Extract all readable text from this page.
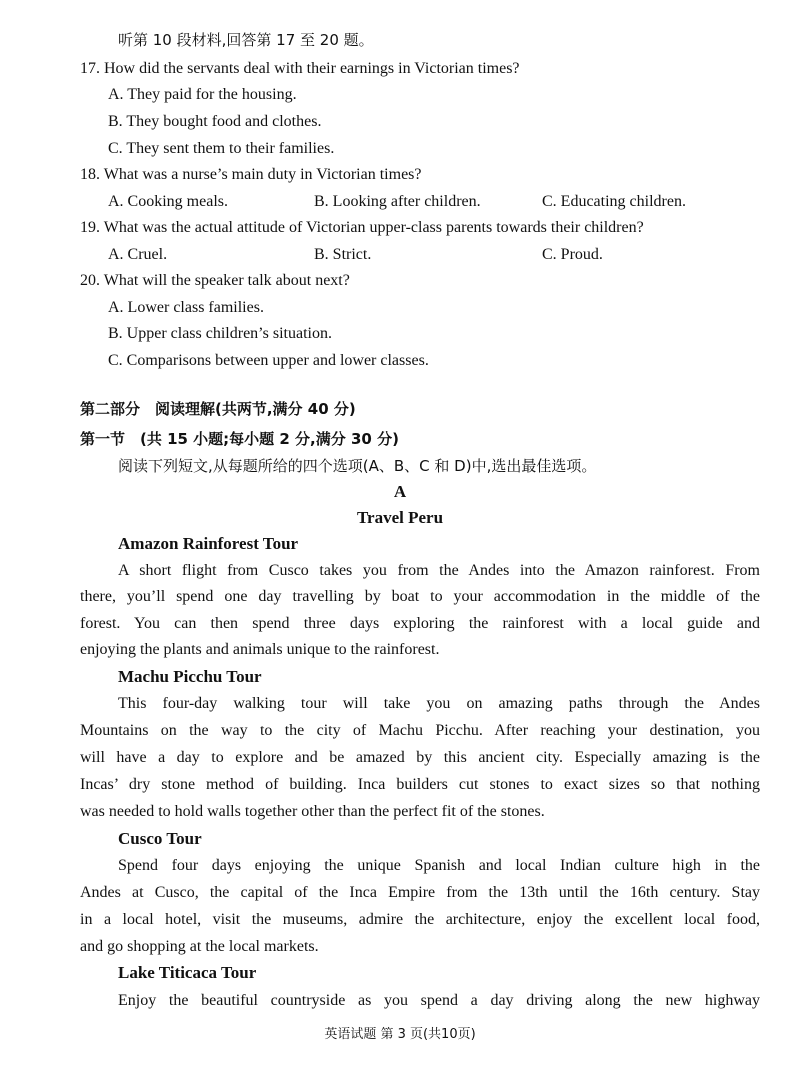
听第 10 段材料,回答第 17 至 20 题。
17. How did the servants deal with their earnings in Victorian times?
A. They paid for the housing.
B. They bought food and clothes.
C. They sent them to their families.
18. What was a nurse’s main duty in Victorian times?
A. Cooking meals.	B. Looking after children.	C. Educating children.
19. What was the actual attitude of Victorian upper-class parents towards their children?
A. Cruel.	B. Strict.	C. Proud.
20. What will the speaker talk about next?
A. Lower class families.
B. Upper class children’s situation.
C. Comparisons between upper and lower classes.
第二部分　阅读理解(共两节,满分 40 分)
第一节　(共 15 小题;每小题 2 分,满分 30 分)
阅读下列短文,从每题所给的四个选项(A、B、C 和 D)中,选出最佳选项。
A
Travel Peru
Amazon Rainforest Tour
A short flight from Cusco takes you from the Andes into the Amazon rainforest. From
there, you’ll spend one day travelling by boat to your accommodation in the middle of the
forest. You can then spend three days exploring the rainforest with a local guide and
enjoying the plants and animals unique to the rainforest.
Machu Picchu Tour
This four-day walking tour will take you on amazing paths through the Andes
Mountains on the way to the city of Machu Picchu. After reaching your destination, you
will have a day to explore and be amazed by this ancient city. Especially amazing is the
Incas’ dry stone method of building. Inca builders cut stones to exact sizes so that nothing
was needed to hold walls together other than the perfect fit of the stones.
Cusco Tour
Spend four days enjoying the unique Spanish and local Indian culture high in the
Andes at Cusco, the capital of the Inca Empire from the 13th until the 16th century. Stay
in a local hotel, visit the museums, admire the architecture, enjoy the excellent local food,
and go shopping at the local markets.
Lake Titicaca Tour
Enjoy the beautiful countryside as you spend a day driving along the new highway
英语试题 第 3 页(共10页)
